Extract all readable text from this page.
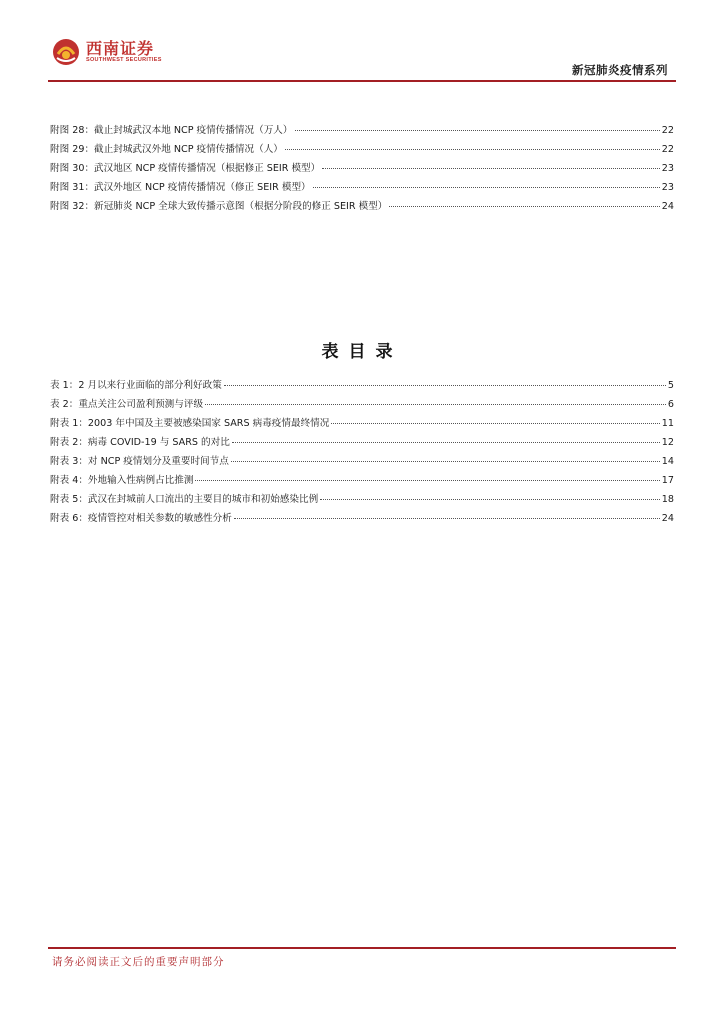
西南证券
SOUTHWEST SECURITIES
新冠肺炎疫情系列
附图 28：截止封城武汉本地 NCP 疫情传播情况（万人）	22
附图 29：截止封城武汉外地 NCP 疫情传播情况（人）	22
附图 30：武汉地区 NCP 疫情传播情况（根据修正 SEIR 模型）	23
附图 31：武汉外地区 NCP 疫情传播情况（修正 SEIR 模型）	23
附图 32：新冠肺炎 NCP 全球大致传播示意图（根据分阶段的修正 SEIR 模型）	24
表目录
表 1：2 月以来行业面临的部分利好政策	5
表 2：重点关注公司盈利预测与评级	6
附表 1：2003 年中国及主要被感染国家 SARS 病毒疫情最终情况	11
附表 2：病毒 COVID-19 与 SARS 的对比	12
附表 3：对 NCP 疫情划分及重要时间节点	14
附表 4：外地输入性病例占比推测	17
附表 5：武汉在封城前人口流出的主要目的城市和初始感染比例	18
附表 6：疫情管控对相关参数的敏感性分析	24
请务必阅读正文后的重要声明部分
